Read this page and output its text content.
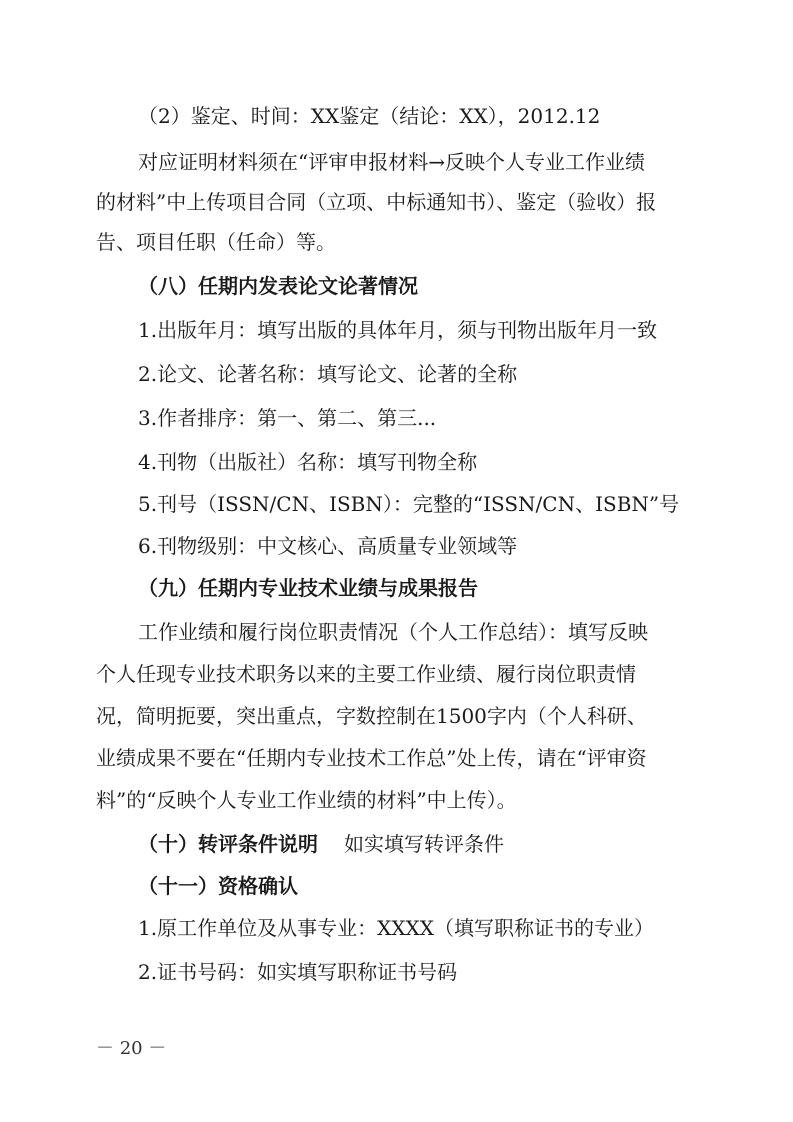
（2）鉴定、时间：XX鉴定（结论：XX），2012.12
对应证明材料须在“评审申报材料→反映个人专业工作业绩
的材料”中上传项目合同（立项、中标通知书）、鉴定（验收）报
告、项目任职（任命）等。
（八）任期内发表论文论著情况
1.出版年月：填写出版的具体年月，须与刊物出版年月一致
2.论文、论著名称：填写论文、论著的全称
3.作者排序：第一、第二、第三...
4.刊物（出版社）名称：填写刊物全称
5.刊号（ISSN/CN、ISBN）：完整的“ISSN/CN、ISBN”号
6.刊物级别：中文核心、高质量专业领域等
（九）任期内专业技术业绩与成果报告
工作业绩和履行岗位职责情况（个人工作总结）：填写反映
个人任现专业技术职务以来的主要工作业绩、履行岗位职责情
况，简明扼要，突出重点，字数控制在1500字内（个人科研、
业绩成果不要在“任期内专业技术工作总”处上传，请在“评审资
料”的“反映个人专业工作业绩的材料”中上传）。
（十）转评条件说明 如实填写转评条件
（十一）资格确认
1.原工作单位及从事专业：XXXX（填写职称证书的专业）
2.证书号码：如实填写职称证书号码
－ 20 －
